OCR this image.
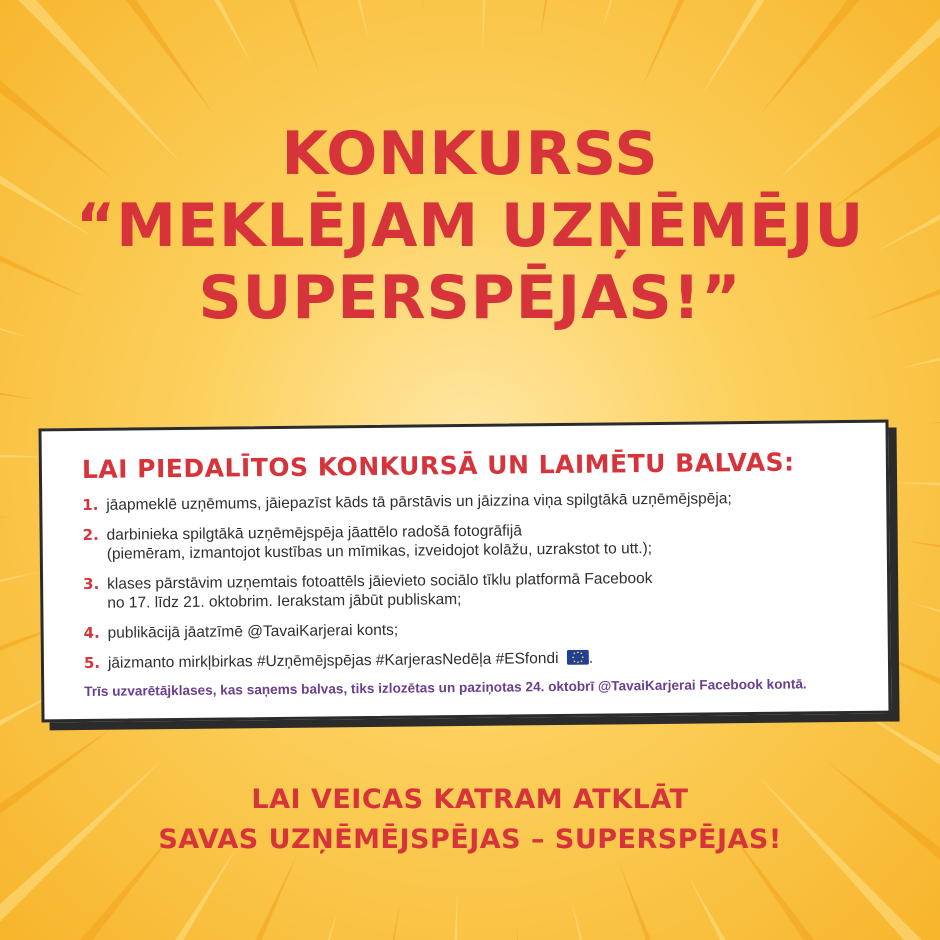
KONKURSS
“MEKLĒJAM UZŅĒMĒJU
SUPERSPĒJAS!”
LAI PIEDALĪTOS KONKURSĀ UN LAIMĒTU BALVAS:
1. jāapmeklē uzņēmums, jāiepazīst kāds tā pārstāvis un jāizzina viņa spilgtākā uzņēmējspēja;
2. darbinieka spilgtākā uzņēmējspēja jāattēlo radošā fotogrāfijā
(piemēram, izmantojot kustības un mīmikas, izveidojot kolāžu, uzrakstot to utt.);
3. klases pārstāvim uzņemtais fotoattēls jāievieto sociālo tīklu platformā Facebook
no 17. līdz 21. oktobrim. Ierakstam jābūt publiskam;
4. publikācijā jāatzīmē @TavaiKarjerai konts;
5. jāizmanto mirkļbirkas #Uzņēmējspējas #KarjerasNedēļa #ESfondi .
Trīs uzvarētājklases, kas saņems balvas, tiks izlozētas un paziņotas 24. oktobrī @TavaiKarjerai Facebook kontā.
LAI VEICAS KATRAM ATKLĀT
SAVAS UZŅĒMĒJSPĒJAS – SUPERSPĒJAS!
